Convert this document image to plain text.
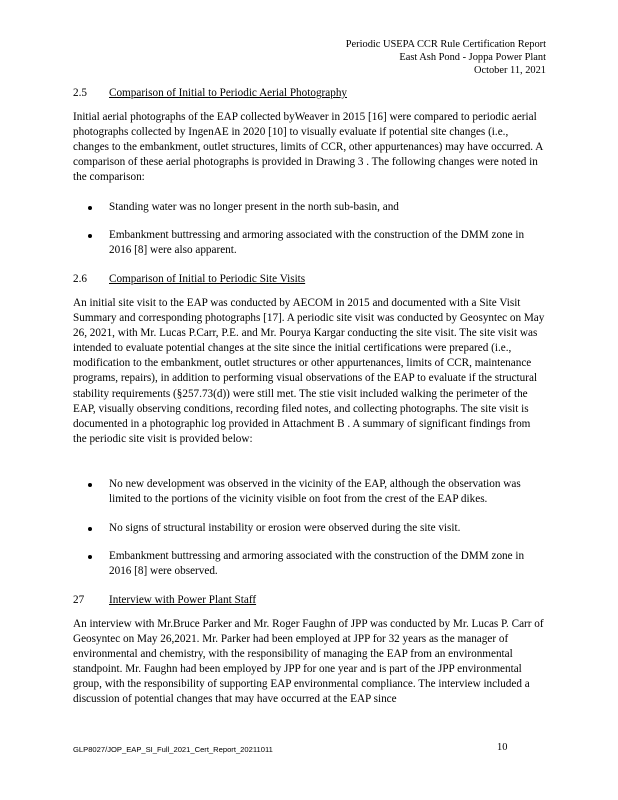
Periodic USEPA CCR Rule Certification Report
East Ash Pond - Joppa Power Plant
October 11, 2021
2.5 Comparison of Initial to Periodic Aerial Photography

Initial aerial photographs of the EAP collected byWeaver in 2015 [16] were compared to periodic aerial photographs collected by IngenAE in 2020 [10] to visually evaluate if potential site changes (i.e., changes to the embankment, outlet structures, limits of CCR, other appurtenances) may have occurred. A comparison of these aerial photographs is provided in Drawing 3 . The following changes were noted in the comparison:

Standing water was no longer present in the north sub-basin, and
Embankment buttressing and armoring associated with the construction of the DMM zone in 2016 [8] were also apparent.
2.6 Comparison of Initial to Periodic Site Visits

An initial site visit to the EAP was conducted by AECOM in 2015 and documented with a Site Visit Summary and corresponding photographs [17]. A periodic site visit was conducted by Geosyntec on May 26, 2021, with Mr. Lucas P.Carr, P.E. and Mr. Pourya Kargar conducting the site visit. The site visit was intended to evaluate potential changes at the site since the initial certifications were prepared (i.e., modification to the embankment, outlet structures or other appurtenances, limits of CCR, maintenance programs, repairs), in addition to performing visual observations of the EAP to evaluate if the structural stability requirements (§257.73(d)) were still met. The stie visit included walking the perimeter of the EAP, visually observing conditions, recording filed notes, and collecting photographs. The site visit is documented in a photographic log provided in Attachment B . A summary of significant findings from the periodic site visit is provided below:

No new development was observed in the vicinity of the EAP, although the observation was limited to the portions of the vicinity visible on foot from the crest of the EAP dikes.
No signs of structural instability or erosion were observed during the site visit.
Embankment buttressing and armoring associated with the construction of the DMM zone in 2016 [8] were observed.
27 Interview with Power Plant Staff

An interview with Mr.Bruce Parker and Mr. Roger Faughn of JPP was conducted by Mr. Lucas P. Carr of Geosyntec on May 26,2021. Mr. Parker had been employed at JPP for 32 years as the manager of environmental and chemistry, with the responsibility of managing the EAP from an environmental standpoint. Mr. Faughn had been employed by JPP for one year and is part of the JPP environmental group, with the responsibility of supporting EAP environmental compliance. The interview included a discussion of potential changes that may have occurred at the EAP since

GLP8027/JOP_EAP_SI_Full_2021_Cert_Report_20211011	10
